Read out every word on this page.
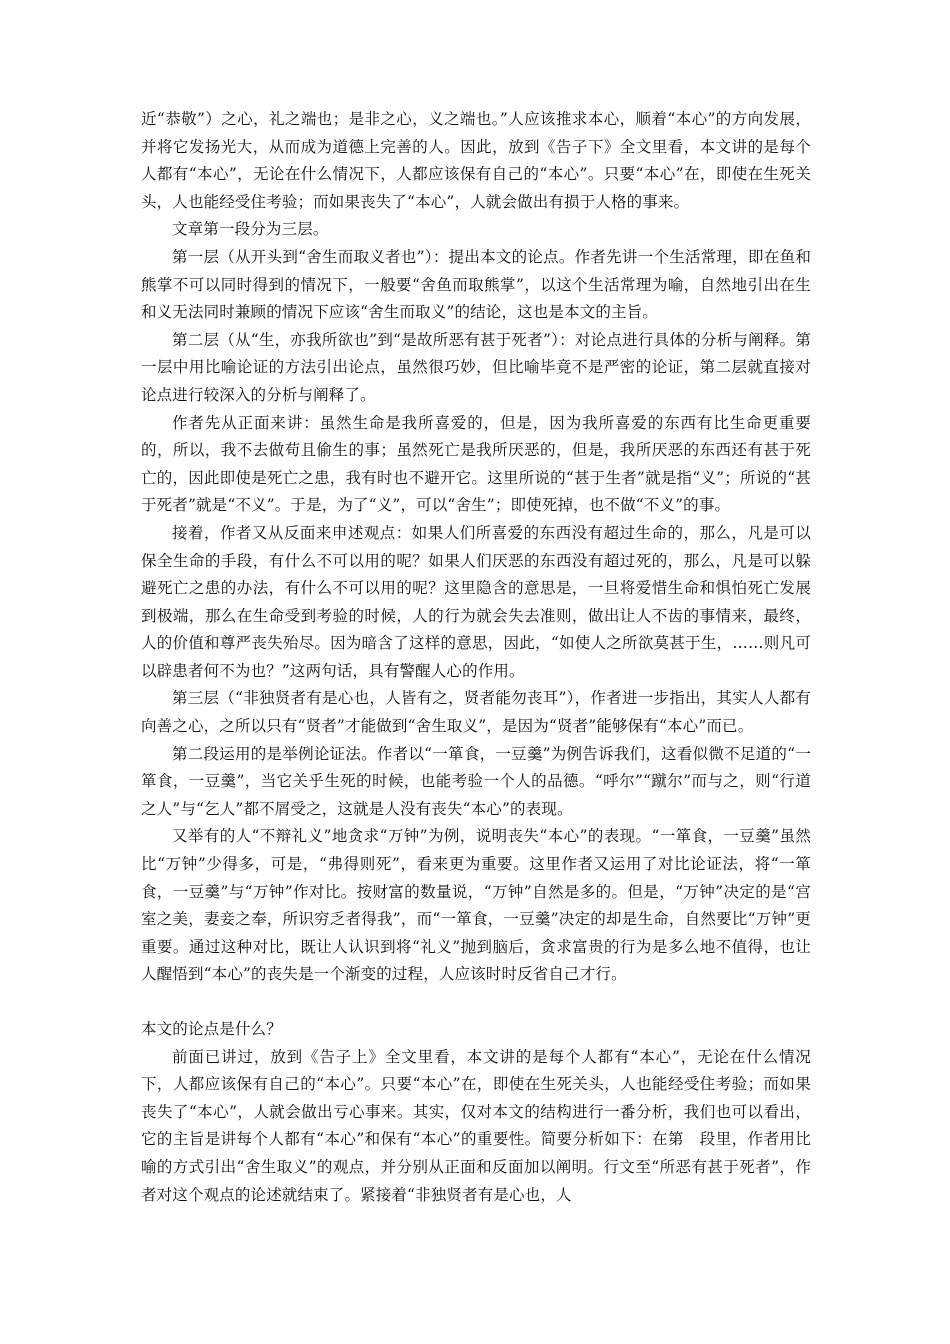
近“恭敬”）之心，礼之端也；是非之心，义之端也。”人应该推求本心，顺着“本心”的方向发展，并将它发扬光大，从而成为道德上完善的人。因此，放到《告子下》全文里看，本文讲的是每个人都有“本心”，无论在什么情况下，人都应该保有自己的“本心”。只要“本心”在，即使在生死关头，人也能经受住考验；而如果丧失了“本心”，人就会做出有损于人格的事来。

文章第一段分为三层。

第一层（从开头到“舍生而取义者也”）：提出本文的论点。作者先讲一个生活常理，即在鱼和熊掌不可以同时得到的情况下，一般要“舍鱼而取熊掌”，以这个生活常理为喻，自然地引出在生和义无法同时兼顾的情况下应该“舍生而取义”的结论，这也是本文的主旨。

第二层（从“生，亦我所欲也”到“是故所恶有甚于死者”）：对论点进行具体的分析与阐释。第一层中用比喻论证的方法引出论点，虽然很巧妙，但比喻毕竟不是严密的论证，第二层就直接对论点进行较深入的分析与阐释了。

作者先从正面来讲：虽然生命是我所喜爱的，但是，因为我所喜爱的东西有比生命更重要的，所以，我不去做苟且偷生的事；虽然死亡是我所厌恶的，但是，我所厌恶的东西还有甚于死亡的，因此即使是死亡之患，我有时也不避开它。这里所说的“甚于生者”就是指“义”；所说的“甚于死者”就是“不义”。于是，为了“义”，可以“舍生”；即使死掉，也不做“不义”的事。

接着，作者又从反面来申述观点：如果人们所喜爱的东西没有超过生命的，那么，凡是可以保全生命的手段，有什么不可以用的呢？如果人们厌恶的东西没有超过死的，那么，凡是可以躲避死亡之患的办法，有什么不可以用的呢？这里隐含的意思是，一旦将爱惜生命和惧怕死亡发展到极端，那么在生命受到考验的时候，人的行为就会失去准则，做出让人不齿的事情来，最终，人的价值和尊严丧失殆尽。因为暗含了这样的意思，因此，“如使人之所欲莫甚于生，……则凡可以辟患者何不为也？”这两句话，具有警醒人心的作用。

第三层（“非独贤者有是心也，人皆有之，贤者能勿丧耳”），作者进一步指出，其实人人都有向善之心，之所以只有“贤者”才能做到“舍生取义”，是因为“贤者”能够保有“本心”而已。

第二段运用的是举例论证法。作者以“一箪食，一豆羹”为例告诉我们，这看似微不足道的“一箪食，一豆羹”，当它关乎生死的时候，也能考验一个人的品德。“呼尔”“蹴尔”而与之，则“行道之人”与“乞人”都不屑受之，这就是人没有丧失“本心”的表现。

又举有的人“不辩礼义”地贪求“万钟”为例，说明丧失“本心”的表现。“一箪食，一豆羹”虽然比“万钟”少得多，可是，“弗得则死”，看来更为重要。这里作者又运用了对比论证法，将“一箪食，一豆羹”与“万钟”作对比。按财富的数量说，“万钟”自然是多的。但是，“万钟”决定的是“宫室之美，妻妾之奉，所识穷乏者得我”，而“一箪食，一豆羹”决定的却是生命，自然要比“万钟”更重要。通过这种对比，既让人认识到将“礼义”抛到脑后，贪求富贵的行为是多么地不值得，也让人醒悟到“本心”的丧失是一个渐变的过程，人应该时时反省自己才行。

本文的论点是什么？

前面已讲过，放到《告子上》全文里看，本文讲的是每个人都有“本心”，无论在什么情况下，人都应该保有自己的“本心”。只要“本心”在，即使在生死关头，人也能经受住考验；而如果丧失了“本心”，人就会做出亏心事来。其实，仅对本文的结构进行一番分析，我们也可以看出，它的主旨是讲每个人都有“本心”和保有“本心”的重要性。简要分析如下：在第　段里，作者用比喻的方式引出“舍生取义”的观点，并分别从正面和反面加以阐明。行文至“所恶有甚于死者”，作者对这个观点的论述就结束了。紧接着“非独贤者有是心也，人
